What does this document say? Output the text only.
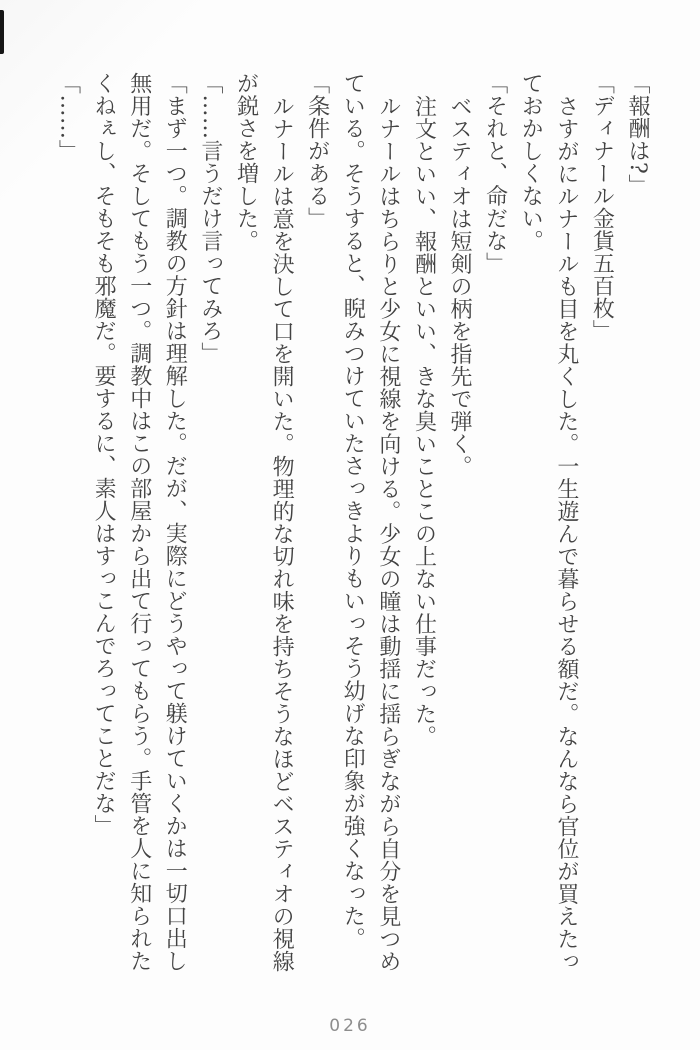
「報酬は?」
「ディナール金貨五百枚」
さすがにルナールも目を丸くした。一生遊んで暮らせる額だ。なんなら官位が買えたっ
ておかしくない。
「それと、命だな」
ベスティオは短剣の柄を指先で弾く。
注文といい、報酬といい、きな臭いことこの上ない仕事だった。
ルナールはちらりと少女に視線を向ける。少女の瞳は動揺に揺らぎながら自分を見つめ
ている。そうすると、睨みつけていたさっきよりもいっそう幼げな印象が強くなった。
「条件がある」
ルナールは意を決して口を開いた。物理的な切れ味を持ちそうなほどベスティオの視線
が鋭さを増した。
「……言うだけ言ってみろ」
「まず一つ。調教の方針は理解した。だが、実際にどうやって躾けていくかは一切口出し
無用だ。そしてもう一つ。調教中はこの部屋から出て行ってもらう。手管を人に知られた
くねぇし、そもそも邪魔だ。要するに、素人はすっこんでろってことだな」
「……」
026
